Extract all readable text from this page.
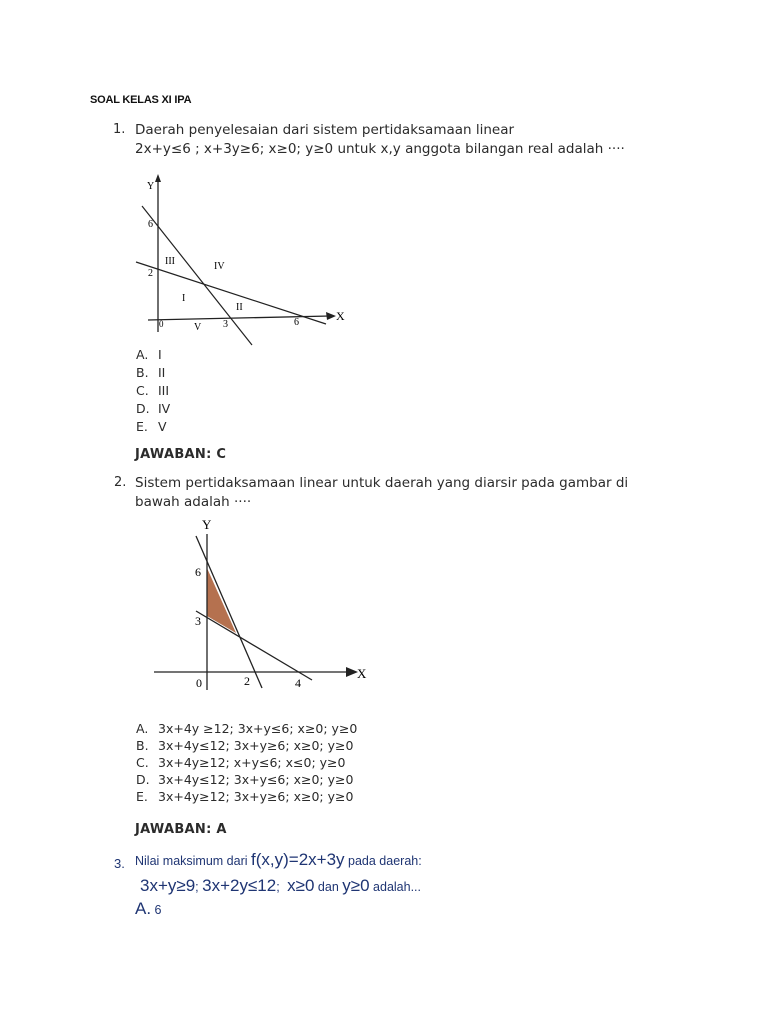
SOAL KELAS XI IPA
1. Daerah penyelesaian dari sistem pertidaksamaan linear
2x+y≤6 ; x+3y≥6; x≥0; y≥0 untuk x,y anggota bilangan real adalah ····
Y
X
6
2
0	3	6
III	IV
I
II
V
A. I
B. II
C. III
D. IV
E. V
JAWABAN: C
2. Sistem pertidaksamaan linear untuk daerah yang diarsir pada gambar di
bawah adalah ····
Y
X
6
3
0	2	4
A. 3x+4y ≥12; 3x+y≤6; x≥0; y≥0
B. 3x+4y≤12; 3x+y≥6; x≥0; y≥0
C. 3x+4y≥12; x+y≤6; x≤0; y≥0
D. 3x+4y≤12; 3x+y≤6; x≥0; y≥0
E. 3x+4y≥12; 3x+y≥6; x≥0; y≥0
JAWABAN: A
3. Nilai maksimum dari f(x,y)=2x+3y pada daerah:
3x+y≥9; 3x+2y≤12; x≥0 dan y≥0 adalah...
A. 6
